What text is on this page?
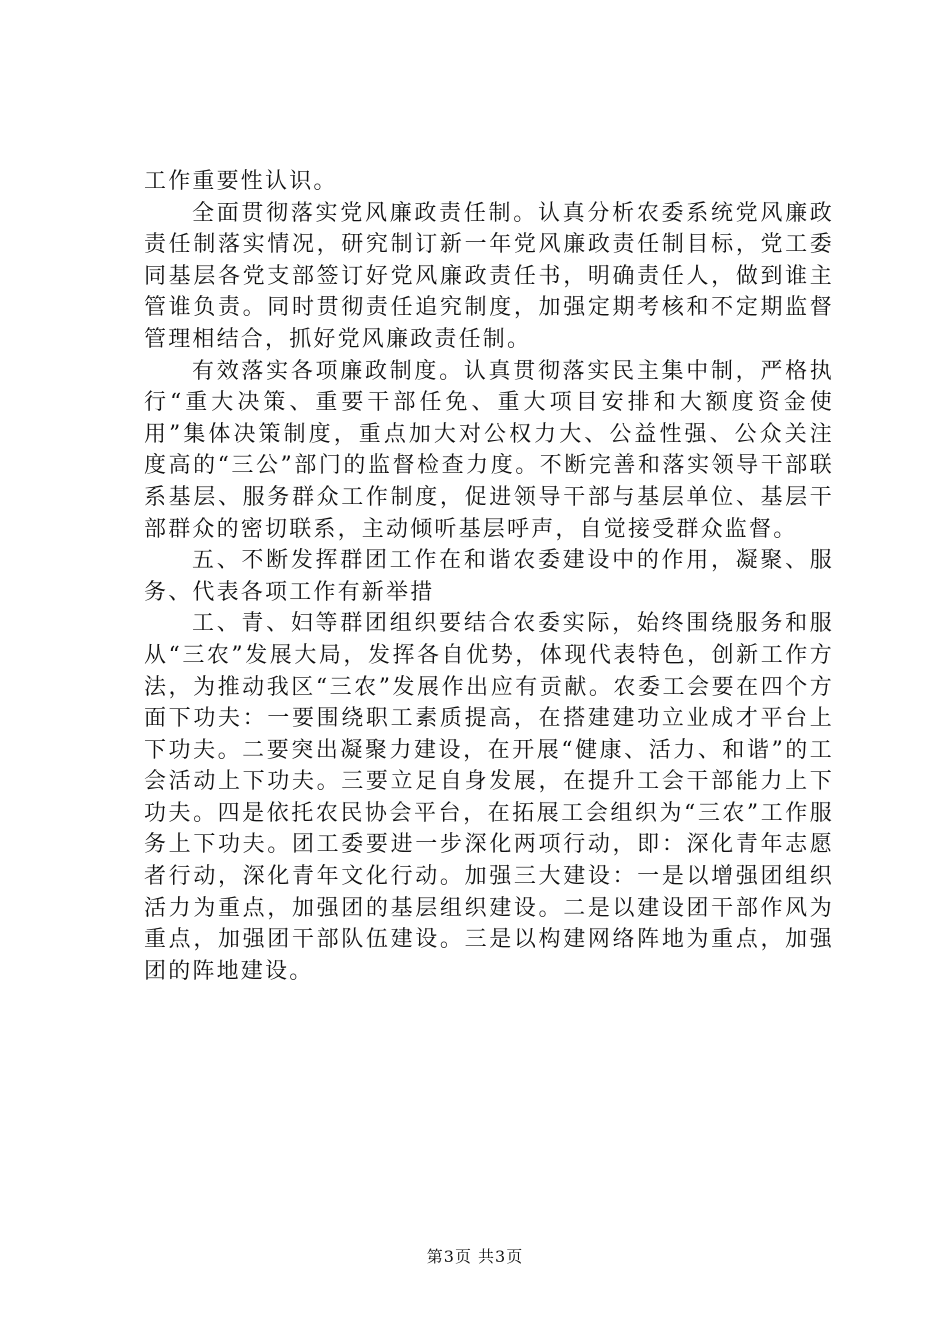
工作重要性认识。

全面贯彻落实党风廉政责任制。认真分析农委系统党风廉政责任制落实情况，研究制订新一年党风廉政责任制目标，党工委同基层各党支部签订好党风廉政责任书，明确责任人，做到谁主管谁负责。同时贯彻责任追究制度，加强定期考核和不定期监督管理相结合，抓好党风廉政责任制。

有效落实各项廉政制度。认真贯彻落实民主集中制，严格执行“重大决策、重要干部任免、重大项目安排和大额度资金使用”集体决策制度，重点加大对公权力大、公益性强、公众关注度高的“三公”部门的监督检查力度。不断完善和落实领导干部联系基层、服务群众工作制度，促进领导干部与基层单位、基层干部群众的密切联系，主动倾听基层呼声，自觉接受群众监督。

五、不断发挥群团工作在和谐农委建设中的作用，凝聚、服务、代表各项工作有新举措

工、青、妇等群团组织要结合农委实际，始终围绕服务和服从“三农”发展大局，发挥各自优势，体现代表特色，创新工作方法，为推动我区“三农”发展作出应有贡献。农委工会要在四个方面下功夫：一要围绕职工素质提高，在搭建建功立业成才平台上下功夫。二要突出凝聚力建设，在开展“健康、活力、和谐”的工会活动上下功夫。三要立足自身发展，在提升工会干部能力上下功夫。四是依托农民协会平台，在拓展工会组织为“三农”工作服务上下功夫。团工委要进一步深化两项行动，即：深化青年志愿者行动，深化青年文化行动。加强三大建设：一是以增强团组织活力为重点，加强团的基层组织建设。二是以建设团干部作风为重点，加强团干部队伍建设。三是以构建网络阵地为重点，加强团的阵地建设。

第3页 共3页
